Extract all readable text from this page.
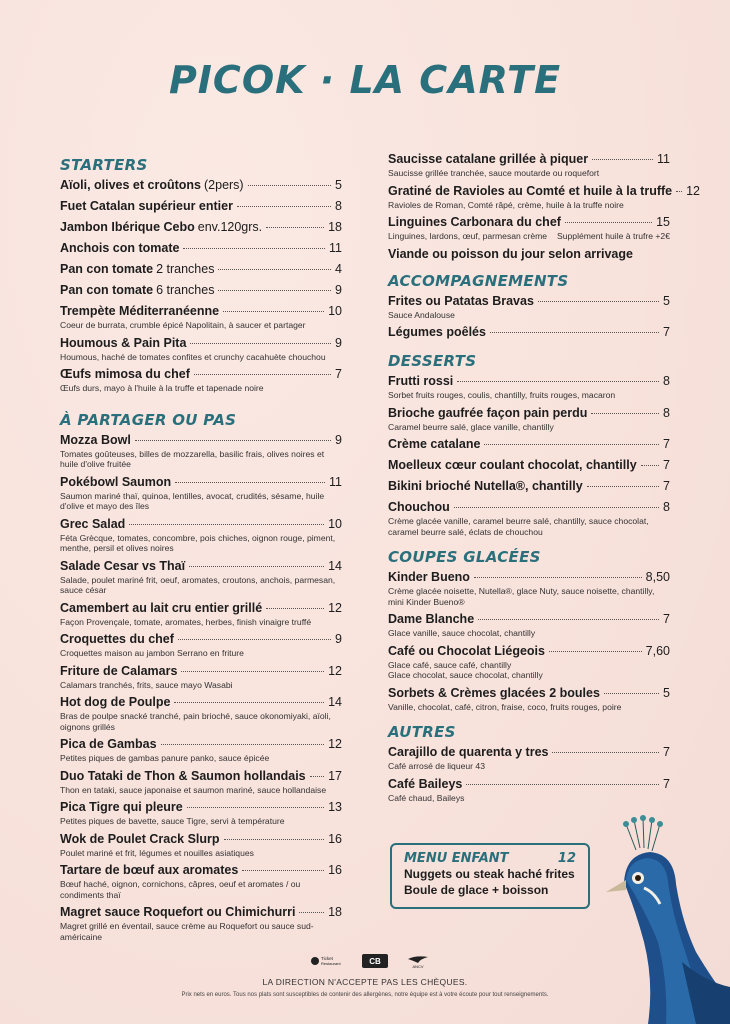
PICOK · LA CARTE
STARTERS
Aïoli, olives et croûtons (2pers)	5
Fuet Catalan supérieur entier	8
Jambon Ibérique Cebo env.120grs.	18
Anchois con tomate	11
Pan con tomate 2 tranches	4
Pan con tomate 6 tranches	9
Trempète Méditerranéenne	10
Coeur de burrata, crumble épicé Napolitain, à saucer et partager
Houmous & Pain Pita	9
Houmous, haché de tomates confites et crunchy cacahuète chouchou
Œufs mimosa du chef	7
Œufs durs, mayo à l'huile à la truffe et tapenade noire
À PARTAGER OU PAS
Mozza Bowl	9
Tomates goûteuses, billes de mozzarella, basilic frais, olives noires et huile d'olive fruitée
Pokébowl Saumon	11
Saumon mariné thaï, quinoa, lentilles, avocat, crudités, sésame, huile d'olive et mayo des îles
Grec Salad	10
Féta Grècque, tomates, concombre, pois chiches, oignon rouge, piment, menthe, persil et olives noires
Salade Cesar vs Thaï	14
Salade, poulet mariné frit, oeuf, aromates, croutons, anchois, parmesan, sauce césar
Camembert au lait cru entier grillé	12
Façon Provençale, tomate, aromates, herbes, finish vinaigre truffé
Croquettes du chef	9
Croquettes maison au jambon Serrano en friture
Friture de Calamars	12
Calamars tranchés, frits, sauce mayo Wasabi
Hot dog de Poulpe	14
Bras de poulpe snacké tranché, pain brioché, sauce okonomiyaki, aïoli, oignons grillés
Pica de Gambas	12
Petites piques de gambas panure panko, sauce épicée
Duo Tataki de Thon & Saumon hollandais 17
Thon en tataki, sauce japonaise et saumon mariné, sauce hollandaise
Pica Tigre qui pleure	13
Petites piques de bavette, sauce Tigre, servi à température
Wok de Poulet Crack Slurp	16
Poulet mariné et frit, légumes et nouilles asiatiques
Tartare de bœuf aux aromates	16
Bœuf haché, oignon, cornichons, câpres, oeuf et aromates / ou condiments thaï
Magret sauce Roquefort ou Chimichurri	18
Magret grillé en éventail, sauce crème au Roquefort ou sauce sud-américaine
Saucisse catalane grillée à piquer	11
Saucisse grillée tranchée, sauce moutarde ou roquefort
Gratiné de Ravioles au Comté et huile à la truffe 12
Ravioles de Roman, Comté râpé, crème, huile à la truffe noire
Linguines Carbonara du chef	15
Linguines, lardons, œuf, parmesan crème Supplément huile à trufre +2€
Viande ou poisson du jour selon arrivage
ACCOMPAGNEMENTS
Frites ou Patatas Bravas	5
Sauce Andalouse
Légumes poêlés	7
DESSERTS
Frutti rossi	8
Sorbet fruits rouges, coulis, chantilly, fruits rouges, macaron
Brioche gaufrée façon pain perdu	8
Caramel beurre salé, glace vanille, chantilly
Crème catalane	7
Moelleux cœur coulant chocolat, chantilly 7
Bikini brioché Nutella®, chantilly	7
Chouchou	8
Crème glacée vanille, caramel beurre salé, chantilly, sauce chocolat, caramel beurre salé, éclats de chouchou
COUPES GLACÉES
Kinder Bueno	8,50
Crème glacée noisette, Nutella®, glace Nuty, sauce noisette, chantilly, mini Kinder Bueno®
Dame Blanche	7
Glace vanille, sauce chocolat, chantilly
Café ou Chocolat Liégeois	7,60
Glace café, sauce café, chantilly
Glace chocolat, sauce chocolat, chantilly
Sorbets & Crèmes glacées 2 boules	5
Vanille, chocolat, café, citron, fraise, coco, fruits rouges, poire
AUTRES
Carajillo de quarenta y tres	7
Café arrosé de liqueur 43
Café Baileys	7
Café chaud, Baileys
MENU ENFANT	12
Nuggets ou steak haché frites
Boule de glace + boisson
Ticket
Restaurant	CB
ANCV
LA DIRECTION N'ACCEPTE PAS LES CHÈQUES.
Prix nets en euros. Tous nos plats sont susceptibles de contenir des allergènes, notre équipe est à votre écoute pour tout renseignements.
